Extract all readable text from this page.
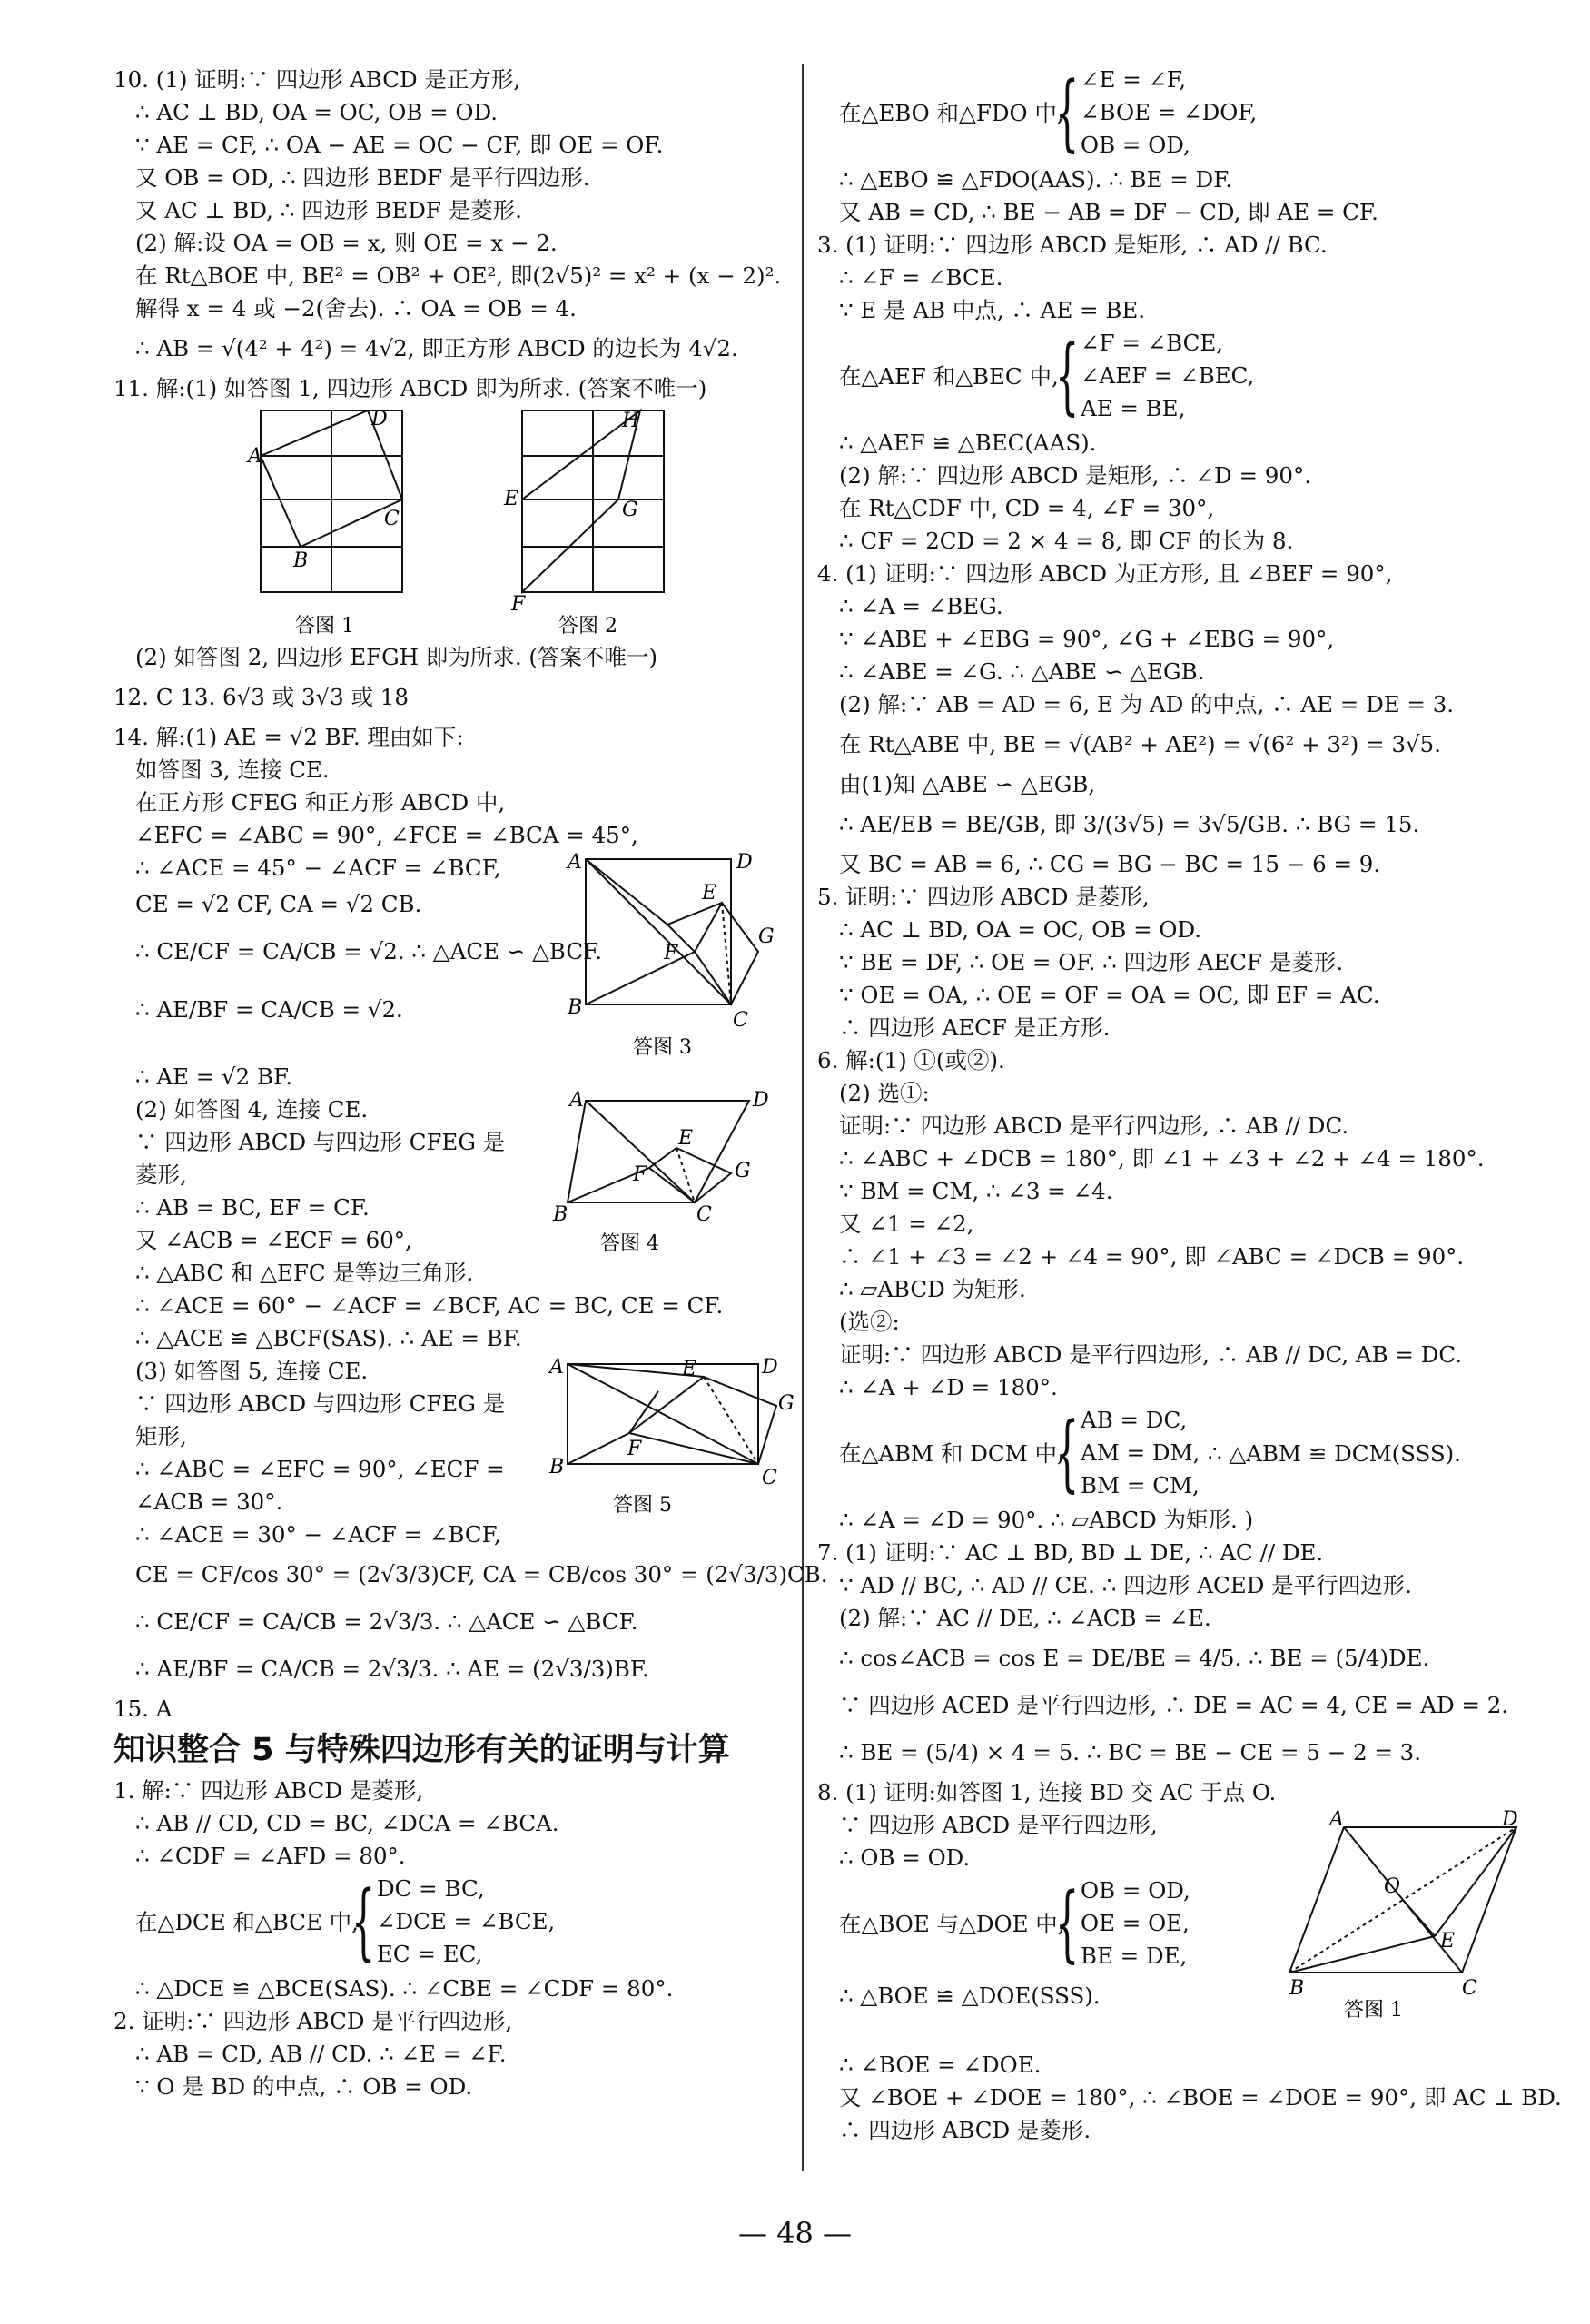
10. (1) 证明:∵ 四边形 ABCD 是正方形,
∴ AC ⊥ BD, OA = OC, OB = OD.
∵ AE = CF, ∴ OA − AE = OC − CF, 即 OE = OF.
又 OB = OD, ∴ 四边形 BEDF 是平行四边形.
又 AC ⊥ BD, ∴ 四边形 BEDF 是菱形.
(2) 解:设 OA = OB = x, 则 OE = x − 2.
在 Rt△BOE 中, BE² = OB² + OE², 即(2√5)² = x² + (x − 2)².
解得 x = 4 或 −2(舍去). ∴ OA = OB = 4.
∴ AB = √(4² + 4²) = 4√2, 即正方形 ABCD 的边长为 4√2.
11. 解:(1) 如答图 1, 四边形 ABCD 即为所求. (答案不唯一)
A
D
B
C
H
E	G
F
答图 1	答图 2
(2) 如答图 2, 四边形 EFGH 即为所求. (答案不唯一)
12. C 13. 6√3 或 3√3 或 18
14. 解:(1) AE = √2 BF. 理由如下:
如答图 3, 连接 CE.
在正方形 CFEG 和正方形 ABCD 中,
∠EFC = ∠ABC = 90°, ∠FCE = ∠BCA = 45°,
∴ ∠ACE = 45° − ∠ACF = ∠BCF,
CE = √2 CF, CA = √2 CB.
∴ CE/CF = CA/CB = √2. ∴ △ACE ∽ △BCF.
∴ AE/BF = CA/CB = √2.
A	D
B
C
E
G
F
答图 3
∴ AE = √2 BF.
(2) 如答图 4, 连接 CE.
∵ 四边形 ABCD 与四边形 CFEG 是
菱形,
∴ AB = BC, EF = CF.
又 ∠ACB = ∠ECF = 60°,
A	D
B	C
E
G
F
答图 4
∴ △ABC 和 △EFC 是等边三角形.
∴ ∠ACE = 60° − ∠ACF = ∠BCF, AC = BC, CE = CF.
∴ △ACE ≌ △BCF(SAS). ∴ AE = BF.
(3) 如答图 5, 连接 CE.
∵ 四边形 ABCD 与四边形 CFEG 是
矩形,
∴ ∠ABC = ∠EFC = 90°, ∠ECF =
∠ACB = 30°.
A	D
B	C
E
G
F
答图 5
∴ ∠ACE = 30° − ∠ACF = ∠BCF,
CE = CF/cos 30° = (2√3/3)CF, CA = CB/cos 30° = (2√3/3)CB.
∴ CE/CF = CA/CB = 2√3/3. ∴ △ACE ∽ △BCF.
∴ AE/BF = CA/CB = 2√3/3. ∴ AE = (2√3/3)BF.
15. A
知识整合 5 与特殊四边形有关的证明与计算
1. 解:∵ 四边形 ABCD 是菱形,
∴ AB // CD, CD = BC, ∠DCA = ∠BCA.
∴ ∠CDF = ∠AFD = 80°.
在△DCE 和△BCE 中,
{ DC = BC,
∠DCE = ∠BCE,
EC = EC,
∴ △DCE ≌ △BCE(SAS). ∴ ∠CBE = ∠CDF = 80°.
2. 证明:∵ 四边形 ABCD 是平行四边形,
∴ AB = CD, AB // CD. ∴ ∠E = ∠F.
∵ O 是 BD 的中点, ∴ OB = OD.
在△EBO 和△FDO 中,
{ ∠E = ∠F,
∠BOE = ∠DOF,
OB = OD,
∴ △EBO ≌ △FDO(AAS). ∴ BE = DF.
又 AB = CD, ∴ BE − AB = DF − CD, 即 AE = CF.
3. (1) 证明:∵ 四边形 ABCD 是矩形, ∴ AD // BC.
∴ ∠F = ∠BCE.
∵ E 是 AB 中点, ∴ AE = BE.
在△AEF 和△BEC 中,
{ ∠F = ∠BCE,
∠AEF = ∠BEC,
AE = BE,
∴ △AEF ≌ △BEC(AAS).
(2) 解:∵ 四边形 ABCD 是矩形, ∴ ∠D = 90°.
在 Rt△CDF 中, CD = 4, ∠F = 30°,
∴ CF = 2CD = 2 × 4 = 8, 即 CF 的长为 8.
4. (1) 证明:∵ 四边形 ABCD 为正方形, 且 ∠BEF = 90°,
∴ ∠A = ∠BEG.
∵ ∠ABE + ∠EBG = 90°, ∠G + ∠EBG = 90°,
∴ ∠ABE = ∠G. ∴ △ABE ∽ △EGB.
(2) 解:∵ AB = AD = 6, E 为 AD 的中点, ∴ AE = DE = 3.
在 Rt△ABE 中, BE = √(AB² + AE²) = √(6² + 3²) = 3√5.
由(1)知 △ABE ∽ △EGB,
∴ AE/EB = BE/GB, 即 3/(3√5) = 3√5/GB. ∴ BG = 15.
又 BC = AB = 6, ∴ CG = BG − BC = 15 − 6 = 9.
5. 证明:∵ 四边形 ABCD 是菱形,
∴ AC ⊥ BD, OA = OC, OB = OD.
∵ BE = DF, ∴ OE = OF. ∴ 四边形 AECF 是菱形.
∵ OE = OA, ∴ OE = OF = OA = OC, 即 EF = AC.
∴ 四边形 AECF 是正方形.
6. 解:(1) ①(或②).
(2) 选①:
证明:∵ 四边形 ABCD 是平行四边形, ∴ AB // DC.
∴ ∠ABC + ∠DCB = 180°, 即 ∠1 + ∠3 + ∠2 + ∠4 = 180°.
∵ BM = CM, ∴ ∠3 = ∠4.
又 ∠1 = ∠2,
∴ ∠1 + ∠3 = ∠2 + ∠4 = 90°, 即 ∠ABC = ∠DCB = 90°.
∴ ▱ABCD 为矩形.
(选②:
证明:∵ 四边形 ABCD 是平行四边形, ∴ AB // DC, AB = DC.
∴ ∠A + ∠D = 180°.
在△ABM 和 DCM 中,
{ AB = DC,
AM = DM,
BM = CM,
∴ △ABM ≌ DCM(SSS).
∴ ∠A = ∠D = 90°. ∴ ▱ABCD 为矩形. )
7. (1) 证明:∵ AC ⊥ BD, BD ⊥ DE, ∴ AC // DE.
∵ AD // BC, ∴ AD // CE. ∴ 四边形 ACED 是平行四边形.
(2) 解:∵ AC // DE, ∴ ∠ACB = ∠E.
∴ cos∠ACB = cos E = DE/BE = 4/5. ∴ BE = (5/4)DE.
∵ 四边形 ACED 是平行四边形, ∴ DE = AC = 4, CE = AD = 2.
∴ BE = (5/4) × 4 = 5. ∴ BC = BE − CE = 5 − 2 = 3.
8. (1) 证明:如答图 1, 连接 BD 交 AC 于点 O.
∵ 四边形 ABCD 是平行四边形,
∴ OB = OD.
在△BOE 与△DOE 中,
{ OB = OD,
OE = OE,
BE = DE,
∴ △BOE ≌ △DOE(SSS).
A	D
B	C
O
E
答图 1
∴ ∠BOE = ∠DOE.
又 ∠BOE + ∠DOE = 180°, ∴ ∠BOE = ∠DOE = 90°, 即 AC ⊥ BD.
∴ 四边形 ABCD 是菱形.
— 48 —
